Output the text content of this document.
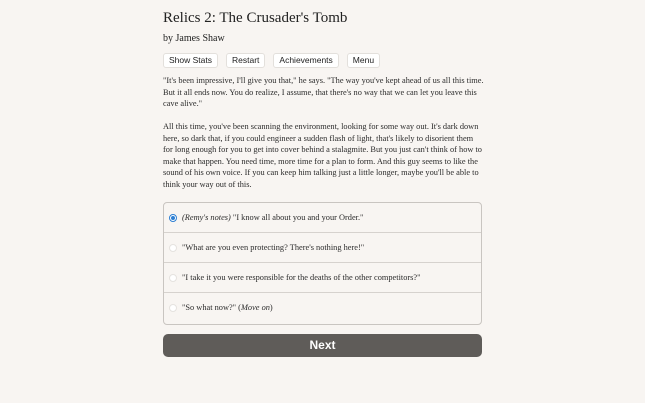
Relics 2: The Crusader's Tomb
by James Shaw
Show Stats	Restart	Achievements	Menu

"It's been impressive, I'll give you that," he says. "The way you've kept ahead of us all this time. But it all ends now. You do realize, I assume, that there's no way that we can let you leave this cave alive."

All this time, you've been scanning the environment, looking for some way out. It's dark down here, so dark that, if you could engineer a sudden flash of light, that's likely to disorient them for long enough for you to get into cover behind a stalagmite. But you just can't think of how to make that happen. You need time, more time for a plan to form. And this guy seems to like the sound of his own voice. If you can keep him talking just a little longer, maybe you'll be able to think your way out of this.

(Remy's notes) "I know all about you and your Order."
"What are you even protecting? There's nothing here!"
"I take it you were responsible for the deaths of the other competitors?"
"So what now?" (Move on)
Next
